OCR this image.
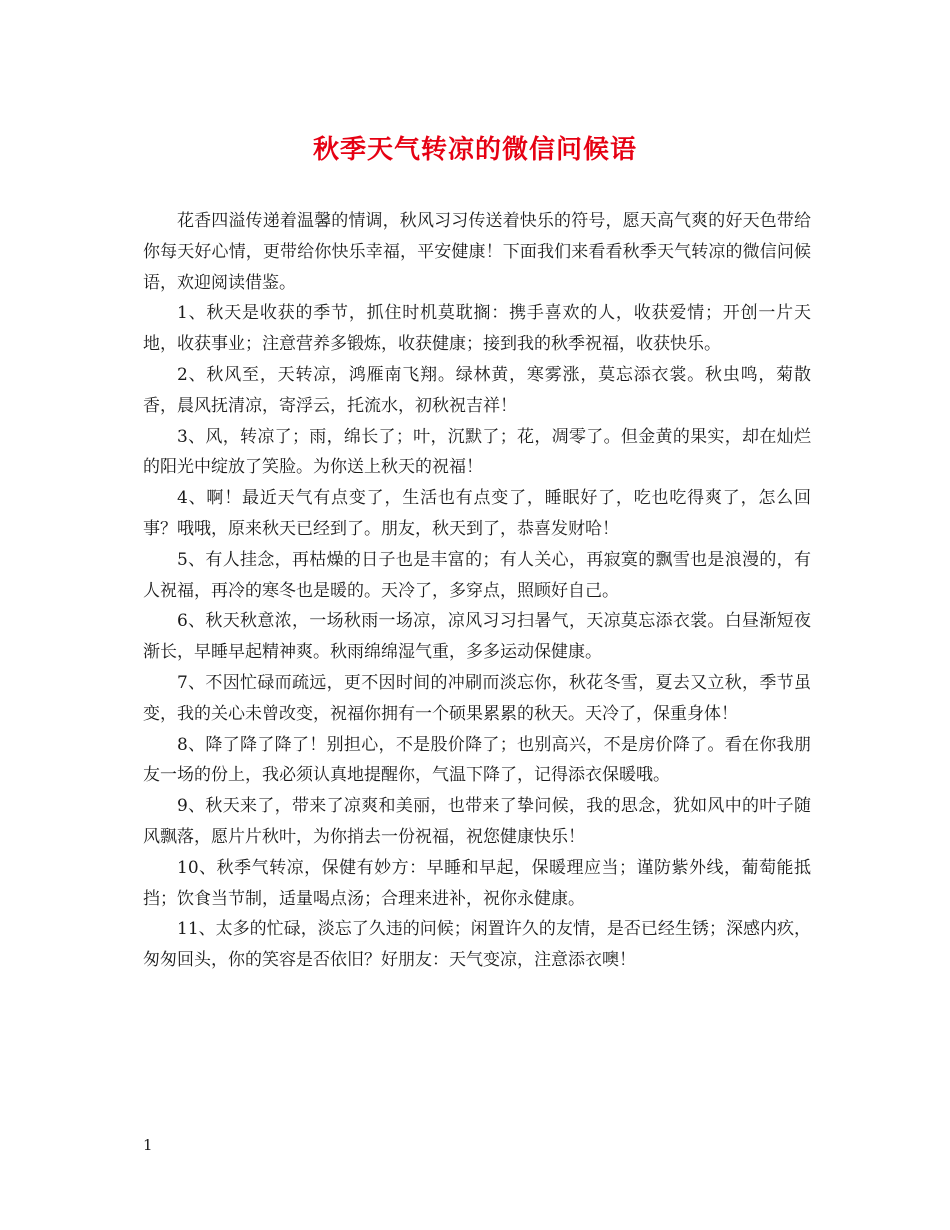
秋季天气转凉的微信问候语

花香四溢传递着温馨的情调，秋风习习传送着快乐的符号，愿天高气爽的好天色带给你每天好心情，更带给你快乐幸福，平安健康！下面我们来看看秋季天气转凉的微信问候语，欢迎阅读借鉴。

1、秋天是收获的季节，抓住时机莫耽搁：携手喜欢的人，收获爱情；开创一片天地，收获事业；注意营养多锻炼，收获健康；接到我的秋季祝福，收获快乐。

2、秋风至，天转凉，鸿雁南飞翔。绿林黄，寒雾涨，莫忘添衣裳。秋虫鸣，菊散香，晨风抚清凉，寄浮云，托流水，初秋祝吉祥！

3、风，转凉了；雨，绵长了；叶，沉默了；花，凋零了。但金黄的果实，却在灿烂的阳光中绽放了笑脸。为你送上秋天的祝福！

4、啊！最近天气有点变了，生活也有点变了，睡眠好了，吃也吃得爽了，怎么回事？哦哦，原来秋天已经到了。朋友，秋天到了，恭喜发财哈！

5、有人挂念，再枯燥的日子也是丰富的；有人关心，再寂寞的飘雪也是浪漫的，有人祝福，再冷的寒冬也是暖的。天冷了，多穿点，照顾好自己。

6、秋天秋意浓，一场秋雨一场凉，凉风习习扫暑气，天凉莫忘添衣裳。白昼渐短夜渐长，早睡早起精神爽。秋雨绵绵湿气重，多多运动保健康。

7、不因忙碌而疏远，更不因时间的冲刷而淡忘你，秋花冬雪，夏去又立秋，季节虽变，我的关心未曾改变，祝福你拥有一个硕果累累的秋天。天冷了，保重身体！

8、降了降了降了！别担心，不是股价降了；也别高兴，不是房价降了。看在你我朋友一场的份上，我必须认真地提醒你，气温下降了，记得添衣保暖哦。

9、秋天来了，带来了凉爽和美丽，也带来了挚问候，我的思念，犹如风中的叶子随风飘落，愿片片秋叶，为你捎去一份祝福，祝您健康快乐！

10、秋季气转凉，保健有妙方：早睡和早起，保暖理应当；谨防紫外线，葡萄能抵挡；饮食当节制，适量喝点汤；合理来进补，祝你永健康。

11、太多的忙碌，淡忘了久违的问候；闲置许久的友情，是否已经生锈；深感内疚，匆匆回头，你的笑容是否依旧？好朋友：天气变凉，注意添衣噢！

1
